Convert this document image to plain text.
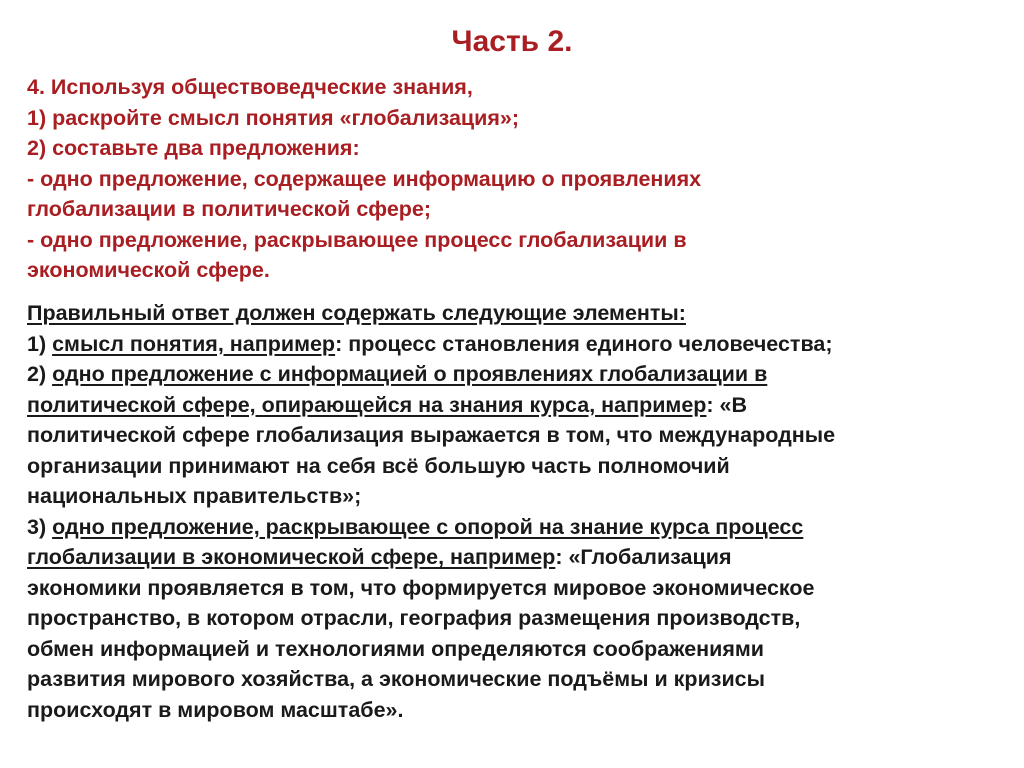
Часть 2.
4. Используя обществоведческие знания,
1) раскройте смысл понятия «глобализация»;
2) составьте два предложения:
- одно предложение, содержащее информацию о проявлениях
глобализации в политической сфере;
- одно предложение, раскрывающее процесс глобализации в
экономической сфере.
Правильный ответ должен содержать следующие элементы:
1) смысл понятия, например: процесс становления единого человечества;
2) одно предложение с информацией о проявлениях глобализации в
политической сфере, опирающейся на знания курса, например: «В
политической сфере глобализация выражается в том, что международные
организации принимают на себя всё большую часть полномочий
национальных правительств»;
3) одно предложение, раскрывающее с опорой на знание курса процесс
глобализации в экономической сфере, например: «Глобализация
экономики проявляется в том, что формируется мировое экономическое
пространство, в котором отрасли, география размещения производств,
обмен информацией и технологиями определяются соображениями
развития мирового хозяйства, а экономические подъёмы и кризисы
происходят в мировом масштабе».
